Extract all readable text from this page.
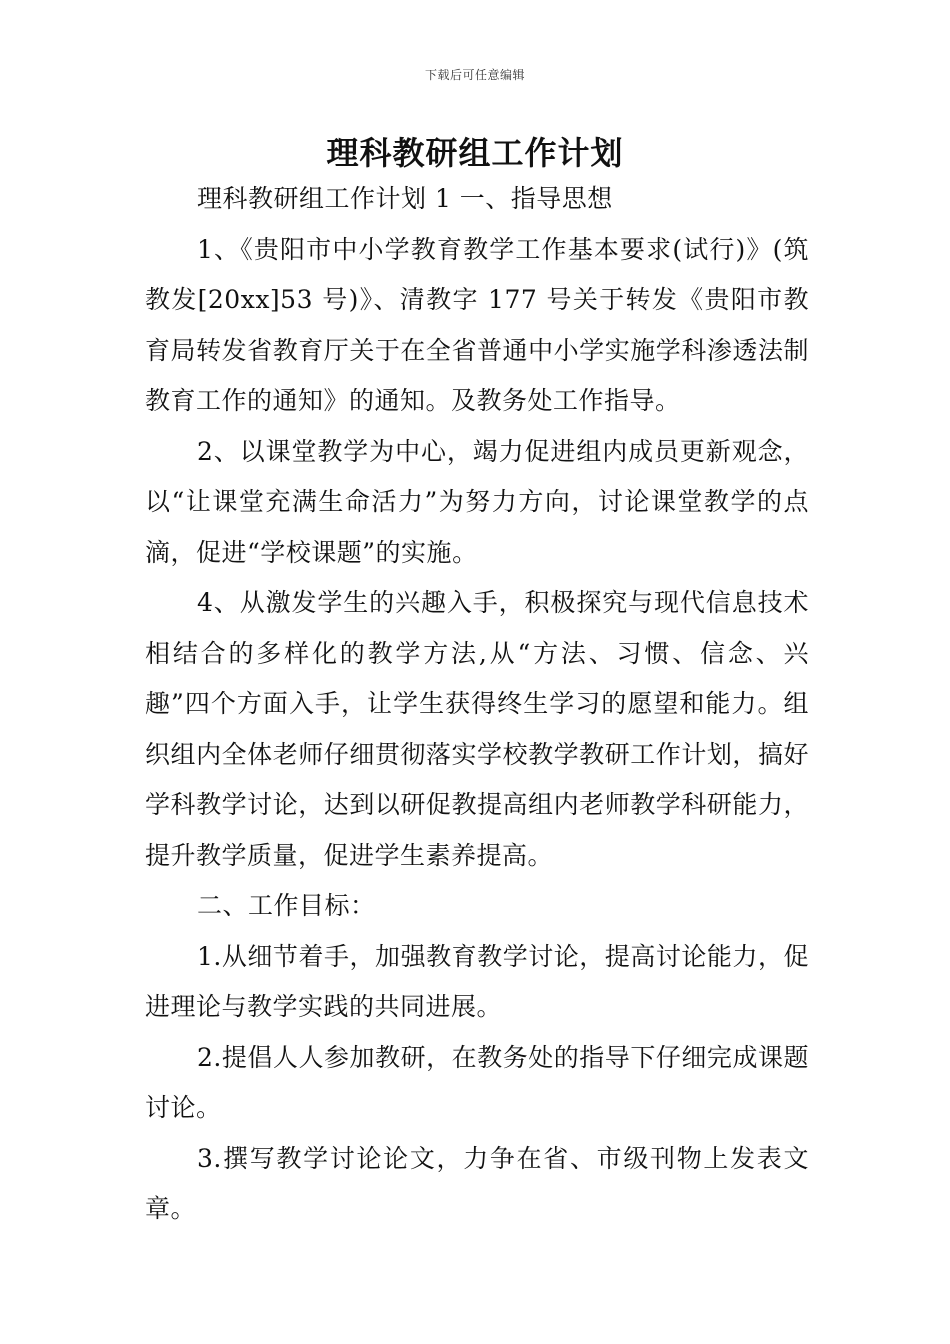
下载后可任意编辑
理科教研组工作计划

理科教研组工作计划 1 一、指导思想

1、《贵阳市中小学教育教学工作基本要求(试行)》(筑教发[20xx]53 号)》、清教字 177 号关于转发《贵阳市教育局转发省教育厅关于在全省普通中小学实施学科渗透法制教育工作的通知》的通知。及教务处工作指导。

2、以课堂教学为中心，竭力促进组内成员更新观念，以“让课堂充满生命活力”为努力方向，讨论课堂教学的点滴，促进“学校课题”的实施。

4、从激发学生的兴趣入手，积极探究与现代信息技术相结合的多样化的教学方法,从“方法、习惯、信念、兴趣”四个方面入手，让学生获得终生学习的愿望和能力。组织组内全体老师仔细贯彻落实学校教学教研工作计划，搞好学科教学讨论，达到以研促教提高组内老师教学科研能力，提升教学质量，促进学生素养提高。

二、工作目标：

1.从细节着手，加强教育教学讨论，提高讨论能力，促进理论与教学实践的共同进展。

2.提倡人人参加教研，在教务处的指导下仔细完成课题讨论。

3.撰写教学讨论论文，力争在省、市级刊物上发表文章。
